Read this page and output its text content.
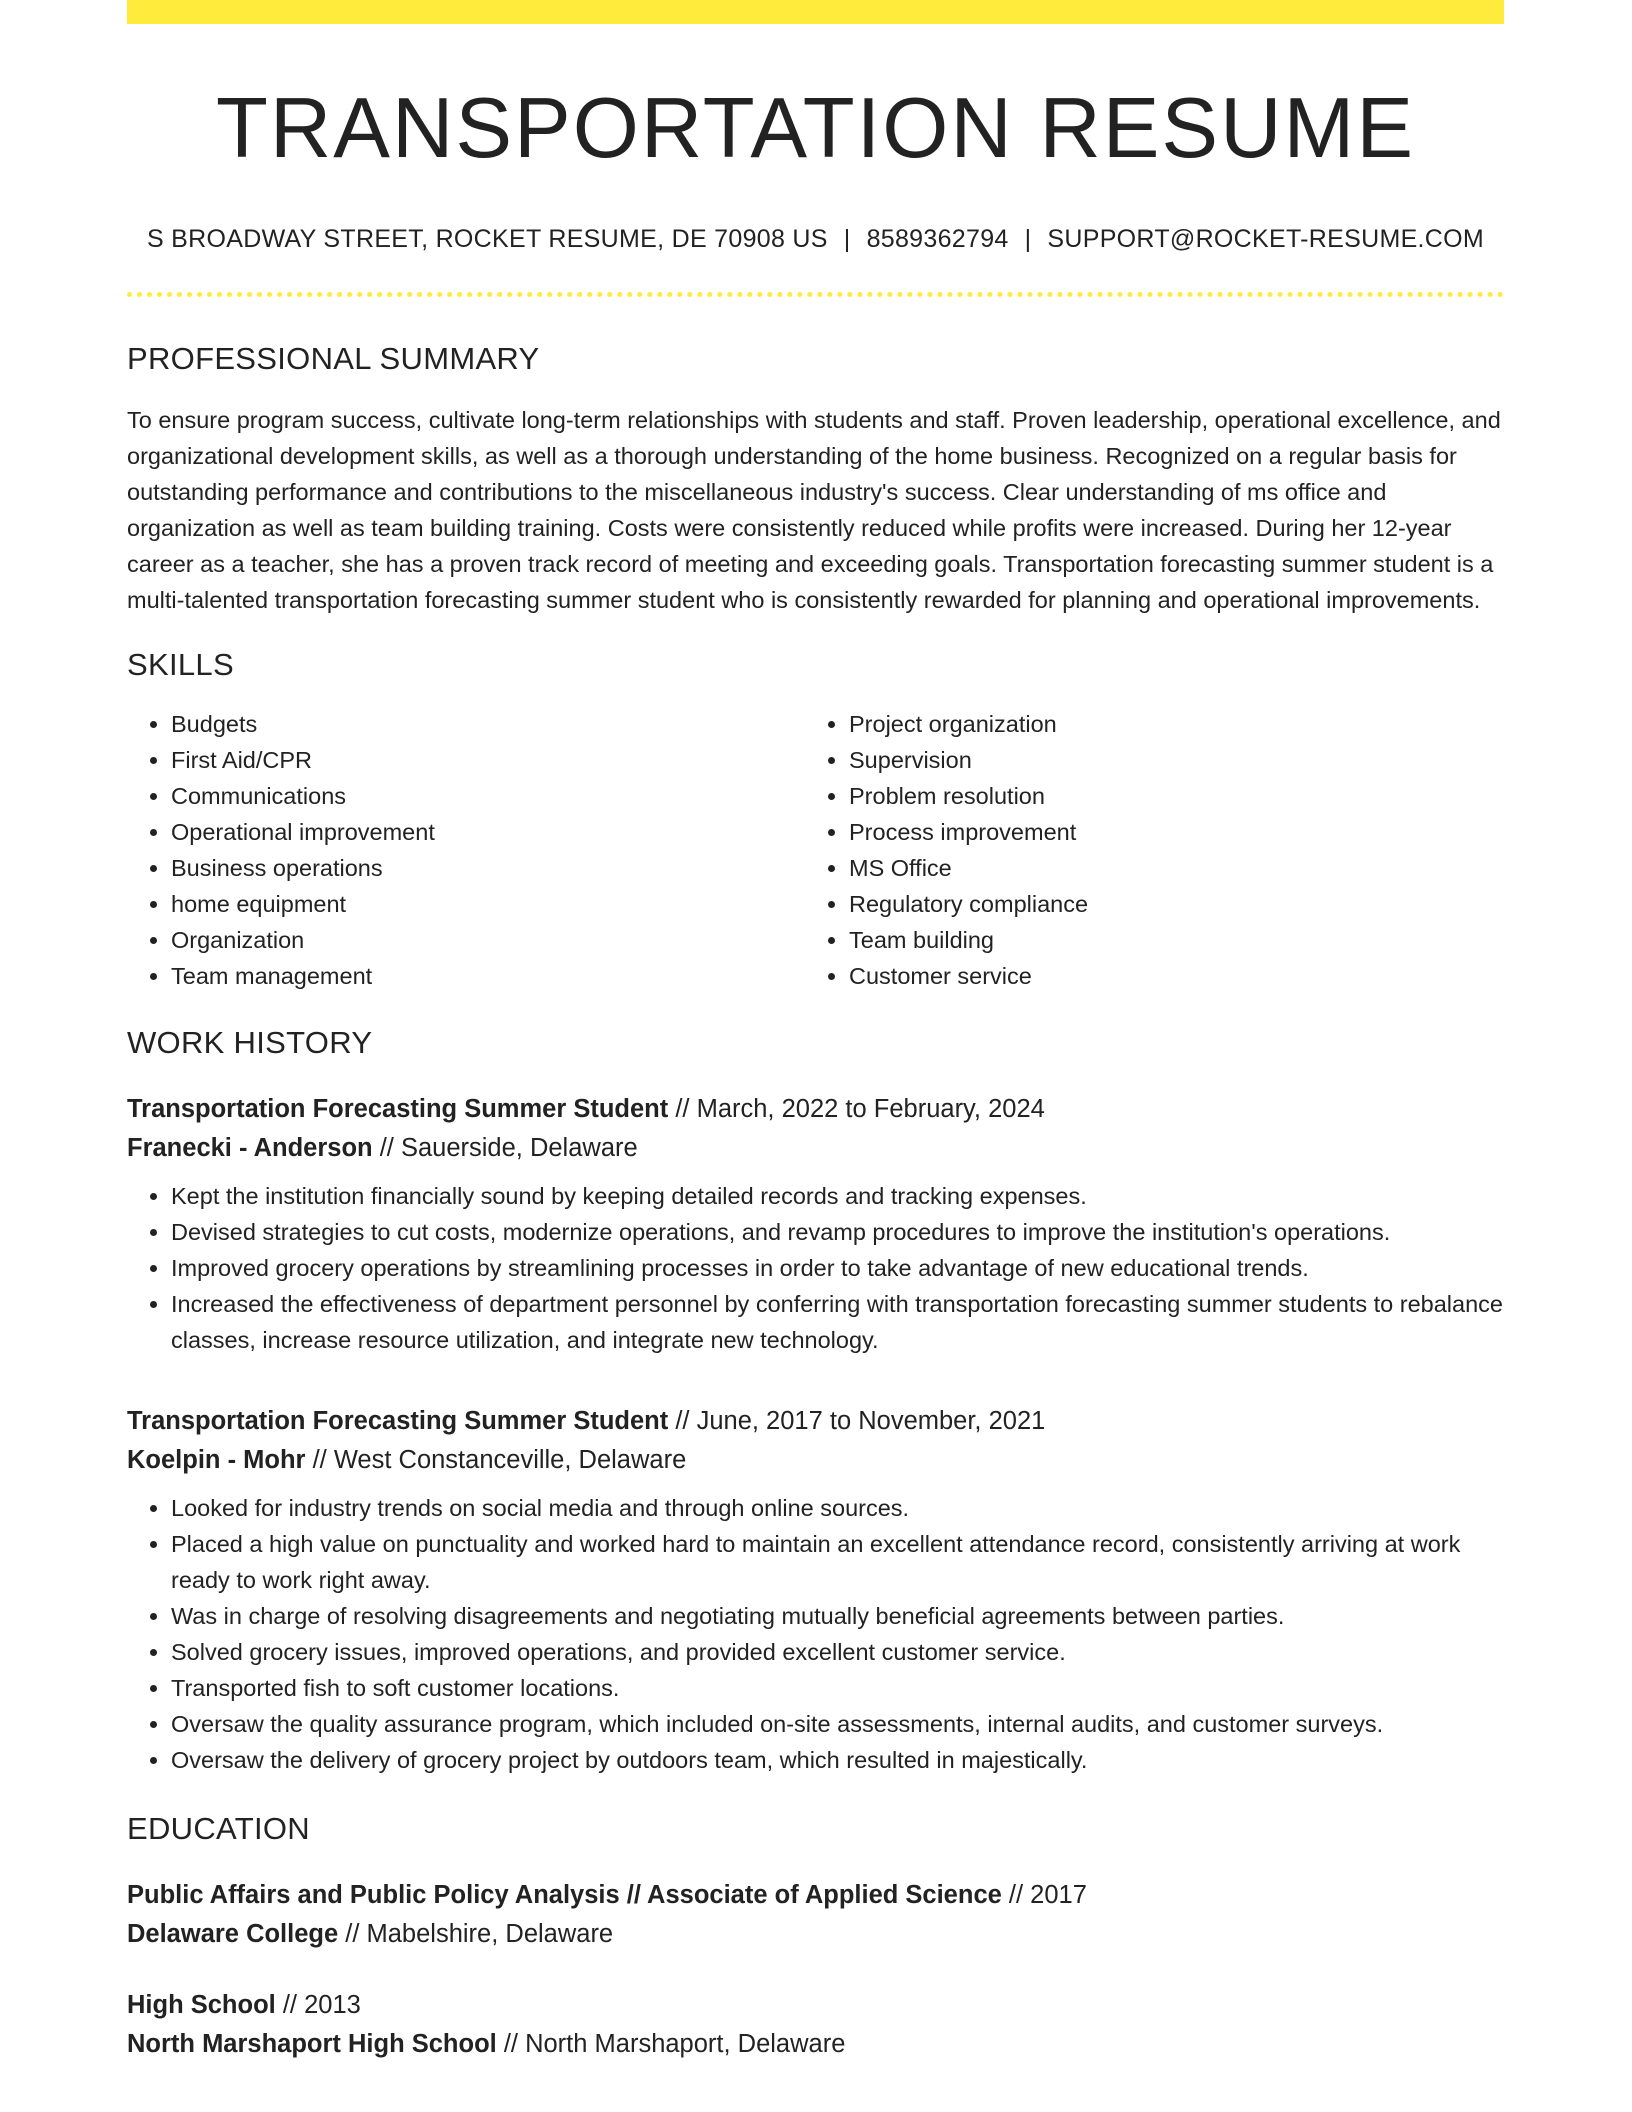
TRANSPORTATION RESUME
S BROADWAY STREET, ROCKET RESUME, DE 70908 US | 8589362794 | SUPPORT@ROCKET-RESUME.COM
PROFESSIONAL SUMMARY

To ensure program success, cultivate long-term relationships with students and staff. Proven leadership, operational excellence, and organizational development skills, as well as a thorough understanding of the home business. Recognized on a regular basis for outstanding performance and contributions to the miscellaneous industry's success. Clear understanding of ms office and organization as well as team building training. Costs were consistently reduced while profits were increased. During her 12-year career as a teacher, she has a proven track record of meeting and exceeding goals. Transportation forecasting summer student is a multi-talented transportation forecasting summer student who is consistently rewarded for planning and operational improvements.

SKILLS
• Budgets
• First Aid/CPR
• Communications
• Operational improvement
• Business operations
• home equipment
• Organization
• Team management
• Project organization
• Supervision
• Problem resolution
• Process improvement
• MS Office
• Regulatory compliance
• Team building
• Customer service
WORK HISTORY
Transportation Forecasting Summer Student // March, 2022 to February, 2024
Franecki - Anderson // Sauerside, Delaware
• Kept the institution financially sound by keeping detailed records and tracking expenses.
• Devised strategies to cut costs, modernize operations, and revamp procedures to improve the institution's operations.
• Improved grocery operations by streamlining processes in order to take advantage of new educational trends.
• Increased the effectiveness of department personnel by conferring with transportation forecasting summer students to rebalance classes, increase resource utilization, and integrate new technology.
Transportation Forecasting Summer Student // June, 2017 to November, 2021
Koelpin - Mohr // West Constanceville, Delaware
• Looked for industry trends on social media and through online sources.
• Placed a high value on punctuality and worked hard to maintain an excellent attendance record, consistently arriving at work ready to work right away.
• Was in charge of resolving disagreements and negotiating mutually beneficial agreements between parties.
• Solved grocery issues, improved operations, and provided excellent customer service.
• Transported fish to soft customer locations.
• Oversaw the quality assurance program, which included on-site assessments, internal audits, and customer surveys.
• Oversaw the delivery of grocery project by outdoors team, which resulted in majestically.
EDUCATION
Public Affairs and Public Policy Analysis // Associate of Applied Science // 2017
Delaware College // Mabelshire, Delaware
High School // 2013
North Marshaport High School // North Marshaport, Delaware
